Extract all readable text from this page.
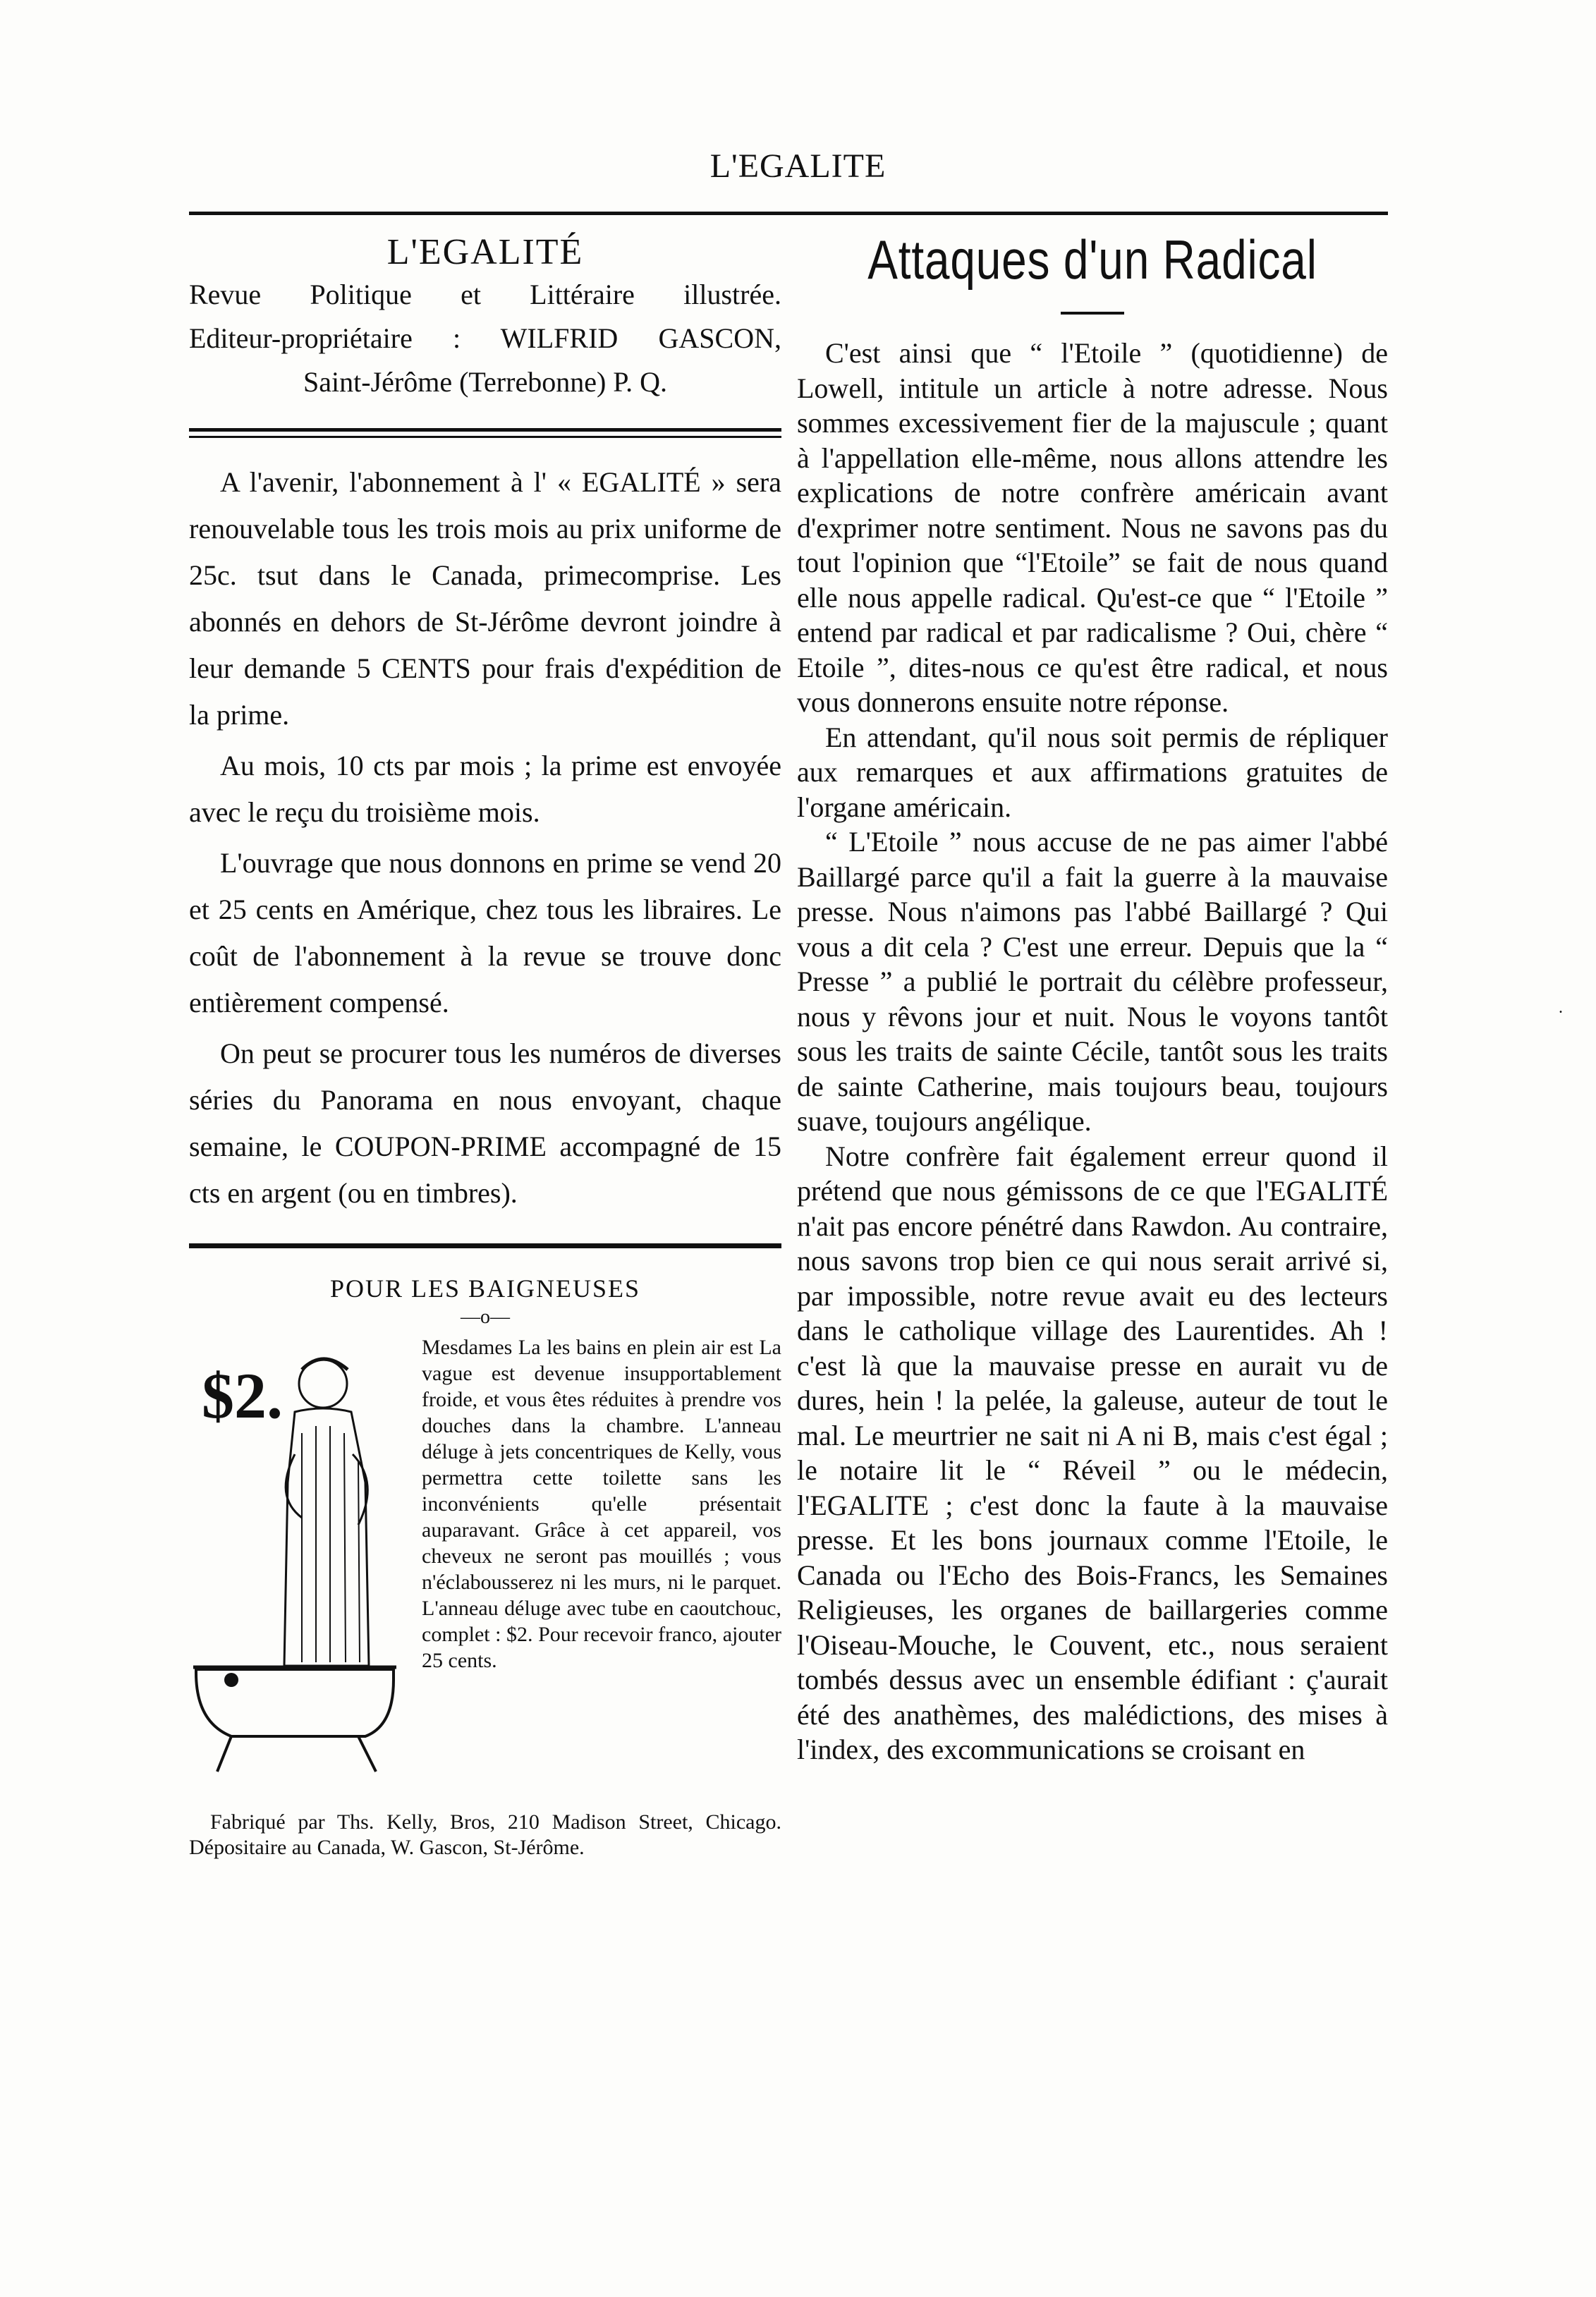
L'EGALITE
L'EGALITÉ
Revue Politique et Littéraire illustrée.
Editeur-propriétaire : WILFRID GASCON,
Saint-Jérôme (Terrebonne) P. Q.

A l'avenir, l'abonnement à l' « EGALITÉ » sera renouvelable tous les trois mois au prix uniforme de 25c. tsut dans le Canada, primecomprise. Les abonnés en dehors de St-Jérôme devront joindre à leur demande 5 CENTS pour frais d'expédition de la prime.

Au mois, 10 cts par mois ; la prime est envoyée avec le reçu du troisième mois.

L'ouvrage que nous donnons en prime se vend 20 et 25 cents en Amérique, chez tous les libraires. Le coût de l'abonnement à la revue se trouve donc entièrement compensé.

On peut se procurer tous les numéros de diverses séries du Panorama en nous envoyant, chaque semaine, le COUPON-PRIME accompagné de 15 cts en argent (ou en timbres).

POUR LES BAIGNEUSES
—o—
$2.
Mesdames La les bains en plein air est La vague est devenue insupportablement froide, et vous êtes réduites à prendre vos douches dans la chambre. L'anneau déluge à jets concentriques de Kelly, vous permettra cette toilette sans les inconvénients qu'elle présentait auparavant. Grâce à cet appareil, vos cheveux ne seront pas mouillés ; vous n'éclabousserez ni les murs, ni le parquet. L'anneau déluge avec tube en caoutchouc, complet : $2. Pour recevoir franco, ajouter 25 cents.
Fabriqué par Ths. Kelly, Bros, 210 Madison Street, Chicago. Dépositaire au Canada, W. Gascon, St-Jérôme.
Attaques d'un Radical

C'est ainsi que “ l'Etoile ” (quotidienne) de Lowell, intitule un article à notre adresse. Nous sommes excessivement fier de la majuscule ; quant à l'appellation elle-même, nous allons attendre les explications de notre confrère américain avant d'exprimer notre sentiment. Nous ne savons pas du tout l'opinion que “l'Etoile” se fait de nous quand elle nous appelle radical. Qu'est-ce que “ l'Etoile ” entend par radical et par radicalisme ? Oui, chère “ Etoile ”, dites-nous ce qu'est être radical, et nous vous donnerons ensuite notre réponse.

En attendant, qu'il nous soit permis de répliquer aux remarques et aux affirmations gratuites de l'organe américain.

“ L'Etoile ” nous accuse de ne pas aimer l'abbé Baillargé parce qu'il a fait la guerre à la mauvaise presse. Nous n'aimons pas l'abbé Baillargé ? Qui vous a dit cela ? C'est une erreur. Depuis que la “ Presse ” a publié le portrait du célèbre professeur, nous y rêvons jour et nuit. Nous le voyons tantôt sous les traits de sainte Cécile, tantôt sous les traits de sainte Catherine, mais toujours beau, toujours suave, toujours angélique.

Notre confrère fait également erreur quond il prétend que nous gémissons de ce que l'EGALITÉ n'ait pas encore pénétré dans Rawdon. Au contraire, nous savons trop bien ce qui nous serait arrivé si, par impossible, notre revue avait eu des lecteurs dans le catholique village des Laurentides. Ah ! c'est là que la mauvaise presse en aurait vu de dures, hein ! la pelée, la galeuse, auteur de tout le mal. Le meurtrier ne sait ni A ni B, mais c'est égal ; le notaire lit le “ Réveil ” ou le médecin, l'EGALITE ; c'est donc la faute à la mauvaise presse. Et les bons journaux comme l'Etoile, le Canada ou l'Echo des Bois-Francs, les Semaines Religieuses, les organes de baillargeries comme l'Oiseau-Mouche, le Couvent, etc., nous seraient tombés dessus avec un ensemble édifiant : ç'aurait été des anathèmes, des malédictions, des mises à l'index, des excommunications se croisant en

.
